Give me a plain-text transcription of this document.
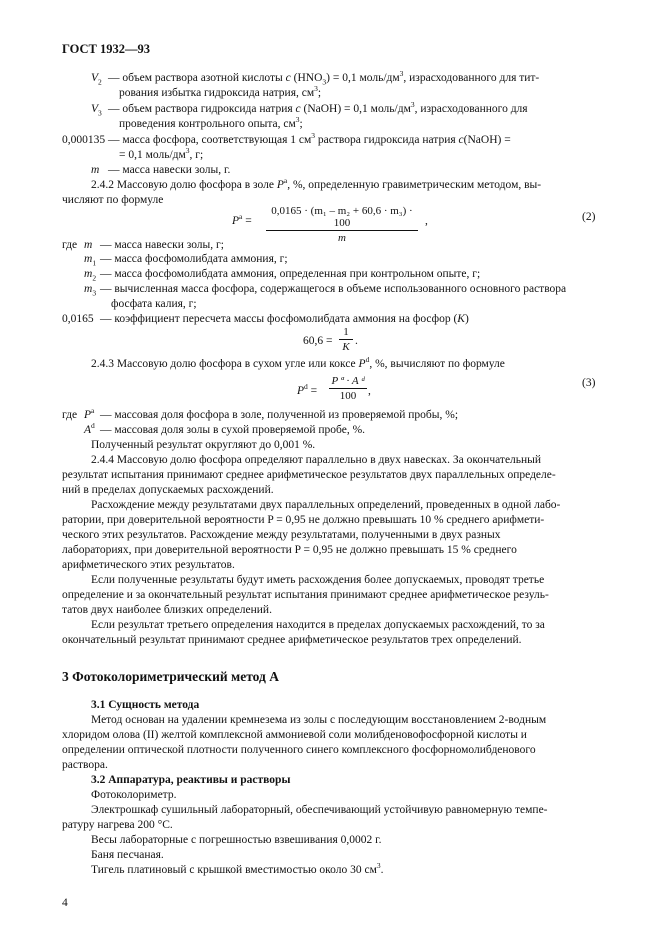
ГОСТ 1932—93
$V_2$ — объем раствора азотной кислоты c $(HNO_3) = 0,1$ моль/$дм^3$, израсходованного для тит-
рования избытка гидроксида натрия, $см^3$;
$V_3$ — объем раствора гидроксида натрия c (NaOH) = 0,1 моль/$дм^3$, израсходованного для
проведения контрольного опыта, $см^3$;
0,000135 — масса фосфора, соответствующая 1 $см^3$ раствора гидроксида натрия c(NaOH) =
= 0,1 моль/$дм^3$, г;
m — масса навески золы, г.
2.4.2 Массовую долю фосфора в золе $P^a$, %, определенную гравиметрическим методом, вы-
числяют по формуле
$P^a = \frac{\text{0,0165 · (m₁ – m₂ + 60,6 · m₃) · 100}}{m}$ ,	(2)
где m — масса навески золы, г;
$m_1$ — масса фосфомолибдата аммония, г;
$m_2$ — масса фосфомолибдата аммония, определенная при контрольном опыте, г;
$m_3$ — вычисленная масса фосфора, содержащегося в объеме использованного основного раствора
фосфата калия, г;
0,0165 — коэффициент пересчета массы фосфомолибдата аммония на фосфор (K)
$60,6 = \frac{1}{K}$ .
2.4.3 Массовую долю фосфора в сухом угле или коксе $P^d$, %, вычисляют по формуле
$P^d = \frac{\text{P ª · A ᵈ}}{100}$ ,
(3)
где $P^a$ — массовая доля фосфора в золе, полученной из проверяемой пробы, %;
$A^d$ — массовая доля золы в сухой проверяемой пробе, %.
Полученный результат округляют до 0,001 %.
2.4.4 Массовую долю фосфора определяют параллельно в двух навесках. За окончательный
результат испытания принимают среднее арифметическое результатов двух параллельных определе-
ний в пределах допускаемых расхождений.
Расхождение между результатами двух параллельных определений, проведенных в одной лабо-
ратории, при доверительной вероятности P = 0,95 не должно превышать 10 % среднего арифмети-
ческого этих результатов. Расхождение между результатами, полученными в двух разных
лабораториях, при доверительной вероятности P = 0,95 не должно превышать 15 % среднего
арифметического этих результатов.
Если полученные результаты будут иметь расхождения более допускаемых, проводят третье
определение и за окончательный результат испытания принимают среднее арифметическое резуль-
татов двух наиболее близких определений.
Если результат третьего определения находится в пределах допускаемых расхождений, то за
окончательный результат принимают среднее арифметическое результатов трех определений.
3 Фотоколориметрический метод А
3.1 Сущность метода
Метод основан на удалении кремнезема из золы с последующим восстановлением 2-водным
хлоридом олова (II) желтой комплексной аммониевой соли молибденовофосфорной кислоты и
определении оптической плотности полученного синего комплексного фосфорномолибденового
раствора.
3.2 Аппаратура, реактивы и растворы
Фотоколориметр.
Электрошкаф сушильный лабораторный, обеспечивающий устойчивую равномерную темпе-
ратуру нагрева 200 °С.
Весы лабораторные с погрешностью взвешивания 0,0002 г.
Баня песчаная.
Тигель платиновый с крышкой вместимостью около 30 $см^3$.
4
